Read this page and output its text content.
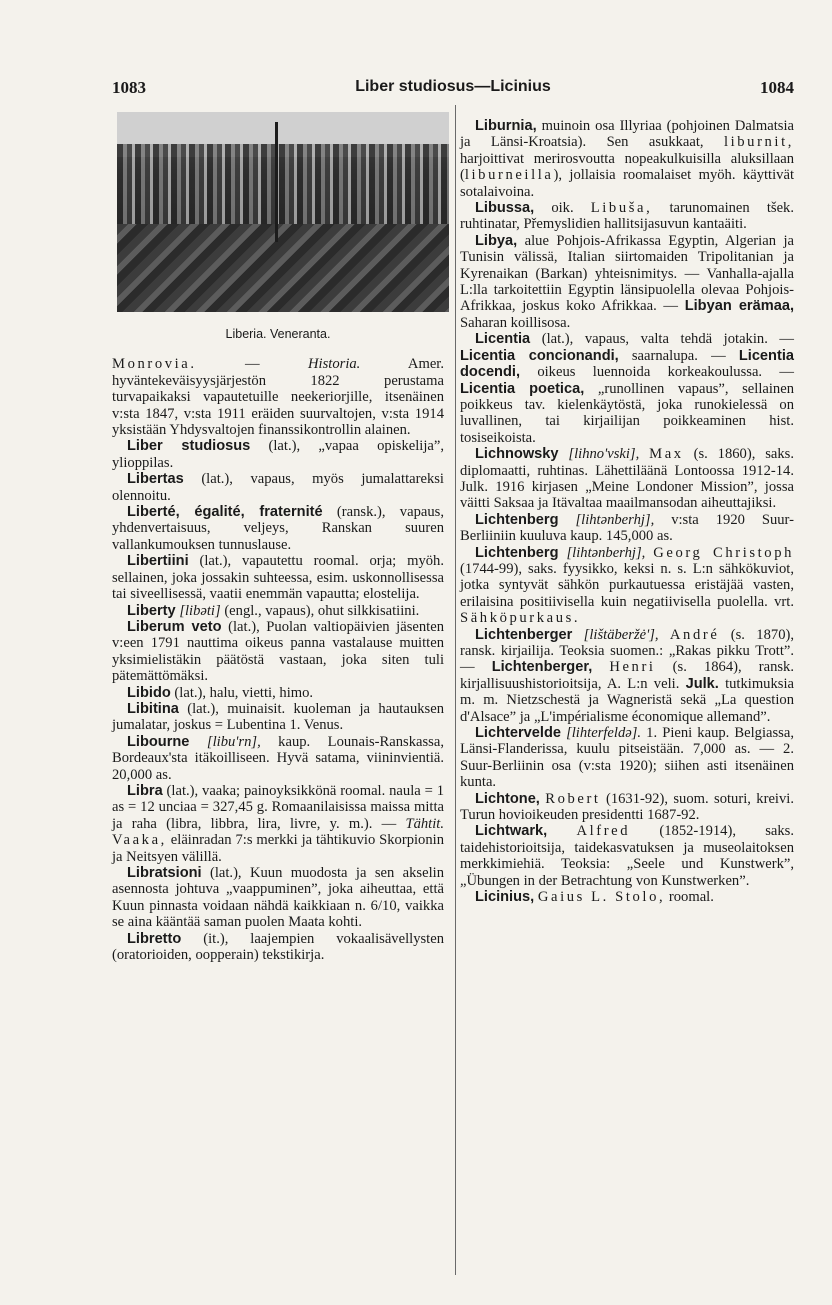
1083	Liber studiosus—Licinius	1084
Liberia. Veneranta.

Monrovia. — Historia. Amer. hyväntekeväisyysjärjestön 1822 perustama turvapaikaksi vapautetuille neekeriorjille, itsenäinen v:sta 1847, v:sta 1911 eräiden suurvaltojen, v:sta 1914 yksistään Yhdysvaltojen finanssikontrollin alainen.

Liber studiosus (lat.), „vapaa opiskelija”, ylioppilas.

Libertas (lat.), vapaus, myös jumalattareksi olennoitu.

Liberté, égalité, fraternité (ransk.), vapaus, yhdenvertaisuus, veljeys, Ranskan suuren vallankumouksen tunnuslause.

Libertiini (lat.), vapautettu roomal. orja; myöh. sellainen, joka jossakin suhteessa, esim. uskonnollisessa tai siveellisessä, vaatii enemmän vapautta; elostelija.

Liberty [libəti] (engl., vapaus), ohut silkkisatiini.

Liberum veto (lat.), Puolan valtiopäivien jäsenten v:een 1791 nauttima oikeus panna vastalause muitten yksimielistäkin päätöstä vastaan, joka siten tuli pätemättömäksi.

Libido (lat.), halu, vietti, himo.

Libitina (lat.), muinaisit. kuoleman ja hautauksen jumalatar, joskus = Lubentina 1. Venus.

Libourne [libu'rn], kaup. Lounais-Ranskassa, Bordeaux'sta itäkoilliseen. Hyvä satama, viininvientiä. 20,000 as.

Libra (lat.), vaaka; painoyksikkönä roomal. naula = 1 as = 12 unciaa = 327,45 g. Romaanilaisissa maissa mitta ja raha (libra, libbra, lira, livre, y. m.). — Tähtit. Vaaka, eläinradan 7:s merkki ja tähtikuvio Skorpionin ja Neitsyen välillä.

Libratsioni (lat.), Kuun muodosta ja sen akselin asennosta johtuva „vaappuminen”, joka aiheuttaa, että Kuun pinnasta voidaan nähdä kaikkiaan n. 6/10, vaikka se aina kääntää saman puolen Maata kohti.

Libretto (it.), laajempien vokaalisävellysten (oratorioiden, oopperain) tekstikirja.

Liburnia, muinoin osa Illyriaa (pohjoinen Dalmatsia ja Länsi-Kroatsia). Sen asukkaat, liburnit, harjoittivat merirosvoutta nopeakulkuisilla aluksillaan (liburneilla), jollaisia roomalaiset myöh. käyttivät sotalaivoina.

Libussa, oik. Libuša, tarunomainen tšek. ruhtinatar, Přemyslidien hallitsijasuvun kantaäiti.

Libya, alue Pohjois-Afrikassa Egyptin, Algerian ja Tunisin välissä, Italian siirtomaiden Tripolitanian ja Kyrenaikan (Barkan) yhteisnimitys. — Vanhalla-ajalla L:lla tarkoitettiin Egyptin länsipuolella olevaa Pohjois-Afrikkaa, joskus koko Afrikkaa. — Libyan erämaa, Saharan koillisosa.

Licentia (lat.), vapaus, valta tehdä jotakin. — Licentia concionandi, saarnalupa. — Licentia docendi, oikeus luennoida korkeakoulussa. — Licentia poetica, „runollinen vapaus”, sellainen poikkeus tav. kielenkäytöstä, joka runokielessä on luvallinen, tai kirjailijan poikkeaminen hist. tosiseikoista.

Lichnowsky [lihno'vski], Max (s. 1860), saks. diplomaatti, ruhtinas. Lähettiläänä Lontoossa 1912-14. Julk. 1916 kirjasen „Meine Londoner Mission”, jossa väitti Saksaa ja Itävaltaa maailmansodan aiheuttajiksi.

Lichtenberg [lihtənberhj], v:sta 1920 Suur-Berliiniin kuuluva kaup. 145,000 as.

Lichtenberg [lihtənberhj], Georg Christoph (1744-99), saks. fyysikko, keksi n. s. L:n sähkökuviot, jotka syntyvät sähkön purkautuessa eristäjää vasten, erilaisina positiivisella kuin negatiivisella puolella. vrt. Sähköpurkaus.

Lichtenberger [lištäberžė'], André (s. 1870), ransk. kirjailija. Teoksia suomen.: „Rakas pikku Trott”. — Lichtenberger, Henri (s. 1864), ransk. kirjallisuushistorioitsija, A. L:n veli. Julk. tutkimuksia m. m. Nietzschestä ja Wagneristä sekä „La question d'Alsace” ja „L'impérialisme économique allemand”.

Lichtervelde [lihterfeldə]. 1. Pieni kaup. Belgiassa, Länsi-Flanderissa, kuulu pitseistään. 7,000 as. — 2. Suur-Berliinin osa (v:sta 1920); siihen asti itsenäinen kunta.

Lichtone, Robert (1631-92), suom. soturi, kreivi. Turun hovioikeuden presidentti 1687-92.

Lichtwark, Alfred (1852-1914), saks. taidehistorioitsija, taidekasvatuksen ja museolaitoksen merkkimiehiä. Teoksia: „Seele und Kunstwerk”, „Übungen in der Betrachtung von Kunstwerken”.

Licinius, Gaius L. Stolo, roomal.
